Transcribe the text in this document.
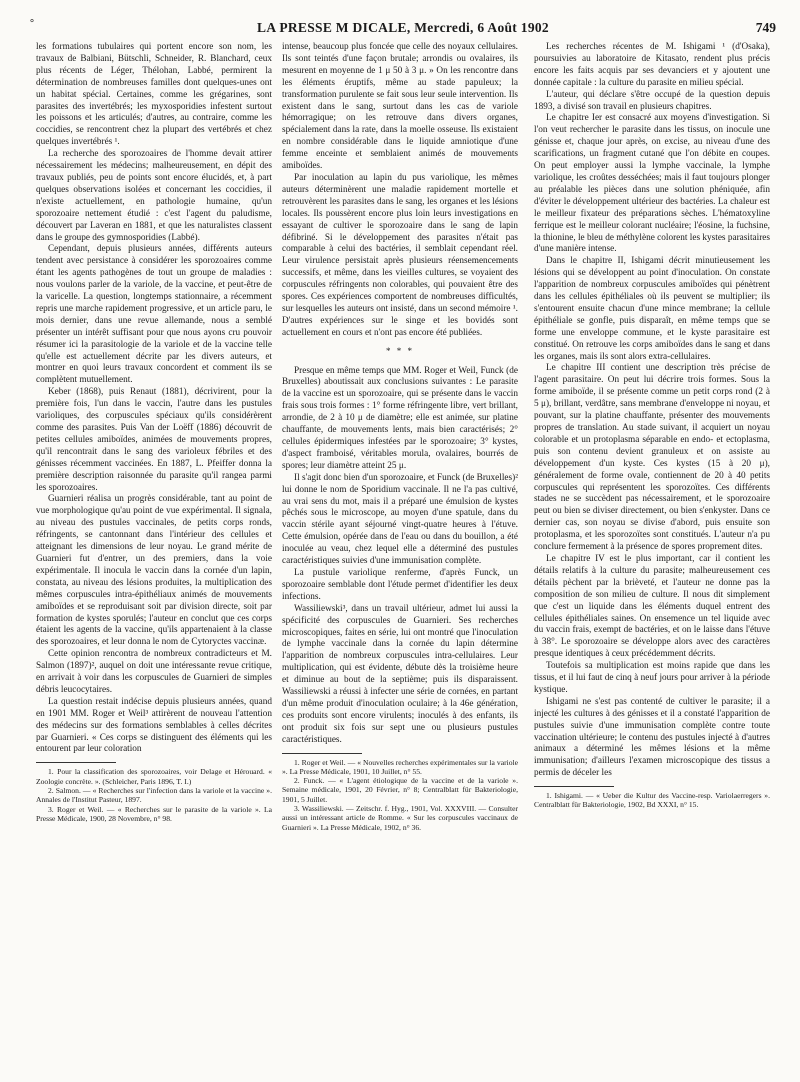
°	LA PRESSE M DICALE, Mercredi, 6 Août 1902	749

les formations tubulaires qui portent encore son nom, les travaux de Balbiani, Bütschli, Schneider, R. Blanchard, ceux plus récents de Léger, Thélohan, Labbé, permirent la détermination de nombreuses familles dont quelques-unes ont un habitat spécial. Certaines, comme les grégarines, sont parasites des invertébrés; les myxosporidies infestent surtout les poissons et les articulés; d'autres, au contraire, comme les coccidies, se rencontrent chez la plupart des vertébrés et chez quelques invertébrés ¹.

La recherche des sporozoaires de l'homme devait attirer nécessairement les médecins; malheureusement, en dépit des travaux publiés, peu de points sont encore élucidés, et, à part quelques observations isolées et concernant les coccidies, il n'existe actuellement, en pathologie humaine, qu'un sporozoaire nettement étudié : c'est l'agent du paludisme, découvert par Laveran en 1881, et que les naturalistes classent dans le groupe des gymnosporidies (Labbé).

Cependant, depuis plusieurs années, différents auteurs tendent avec persistance à considérer les sporozoaires comme étant les agents pathogènes de tout un groupe de maladies : nous voulons parler de la variole, de la vaccine, et peut-être de la varicelle. La question, longtemps stationnaire, a récemment repris une marche rapidement progressive, et un article paru, le mois dernier, dans une revue allemande, nous a semblé présenter un intérêt suffisant pour que nous ayons cru pouvoir résumer ici la parasitologie de la variole et de la vaccine telle qu'elle est actuellement décrite par les divers auteurs, et montrer en quoi leurs travaux concordent et comment ils se complètent mutuellement.

Keber (1868), puis Renaut (1881), décrivirent, pour la première fois, l'un dans le vaccin, l'autre dans les pustules varioliques, des corpuscules spéciaux qu'ils considérèrent comme des parasites. Puis Van der Loëff (1886) découvrit de petites cellules amiboïdes, animées de mouvements propres, qu'il rencontrait dans le sang des varioleux fébriles et des génisses récemment vaccinées. En 1887, L. Pfeiffer donna la première description raisonnée du parasite qu'il rangea parmi les sporozoaires.

Guarnieri réalisa un progrès considérable, tant au point de vue morphologique qu'au point de vue expérimental. Il signala, au niveau des pustules vaccinales, de petits corps ronds, réfringents, se cantonnant dans l'intérieur des cellules et atteignant les dimensions de leur noyau. Le grand mérite de Guarnieri fut d'entrer, un des premiers, dans la voie expérimentale. Il inocula le vaccin dans la cornée d'un lapin, constata, au niveau des lésions produites, la multiplication des mêmes corpuscules intra-épithéliaux animés de mouvements amiboïdes et se reproduisant soit par division directe, soit par formation de kystes sporulés; l'auteur en conclut que ces corps étaient les agents de la vaccine, qu'ils appartenaient à la classe des sporozoaires, et leur donna le nom de Cytoryctes vaccinæ.

Cette opinion rencontra de nombreux contradicteurs et M. Salmon (1897)², auquel on doit une intéressante revue critique, en arrivait à voir dans les corpuscules de Guarnieri de simples débris leucocytaires.

La question restait indécise depuis plusieurs années, quand en 1901 MM. Roger et Weil³ attirèrent de nouveau l'attention des médecins sur des formations semblables à celles décrites par Guarnieri. « Ces corps se distinguent des éléments qui les entourent par leur coloration

1. Pour la classification des sporozoaires, voir Delage et Hérouard. « Zoologie concrète. ». (Schleicher, Paris 1896, T. I.)

2. Salmon. — « Recherches sur l'infection dans la variole et la vaccine ». Annales de l'Institut Pasteur, 1897.

3. Roger et Weil. — « Recherches sur le parasite de la variole ». La Presse Médicale, 1900, 28 Novembre, n° 98.

intense, beaucoup plus foncée que celle des noyaux cellulaires. Ils sont teintés d'une façon brutale; arrondis ou ovalaires, ils mesurent en moyenne de 1 μ 50 à 3 μ. » On les rencontre dans les éléments éruptifs, même au stade papuleux; la transformation purulente se fait sous leur seule intervention. Ils existent dans le sang, surtout dans les cas de variole hémorragique; on les retrouve dans divers organes, spécialement dans la rate, dans la moelle osseuse. Ils existaient en nombre considérable dans le liquide amniotique d'une femme enceinte et semblaient animés de mouvements amiboïdes.

Par inoculation au lapin du pus variolique, les mêmes auteurs déterminèrent une maladie rapidement mortelle et retrouvèrent les parasites dans le sang, les organes et les lésions locales. Ils poussèrent encore plus loin leurs investigations en essayant de cultiver le sporozoaire dans le sang de lapin défibriné. Si le développement des parasites n'était pas comparable à celui des bactéries, il semblait cependant réel. Leur virulence persistait après plusieurs réensemencements successifs, et même, dans les vieilles cultures, se voyaient des corpuscules réfringents non colorables, qui pouvaient être des spores. Ces expériences comportent de nombreuses difficultés, sur lesquelles les auteurs ont insisté, dans un second mémoire ¹. D'autres expériences sur le singe et les bovidés sont actuellement en cours et n'ont pas encore été publiées.

* * *

Presque en même temps que MM. Roger et Weil, Funck (de Bruxelles) aboutissait aux conclusions suivantes : Le parasite de la vaccine est un sporozoaire, qui se présente dans le vaccin frais sous trois formes : 1° forme réfringente libre, vert brillant, arrondie, de 2 à 10 μ de diamètre; elle est animée, sur platine chauffante, de mouvements lents, mais bien caractérisés; 2° cellules épidermiques infestées par le sporozoaire; 3° kystes, d'aspect framboisé, véritables morula, ovalaires, bourrés de spores; leur diamètre atteint 25 μ.

Il s'agit donc bien d'un sporozoaire, et Funck (de Bruxelles)² lui donne le nom de Sporidium vaccinale. Il ne l'a pas cultivé, au vrai sens du mot, mais il a préparé une émulsion de kystes pêchés sous le microscope, au moyen d'une spatule, dans du vaccin stérile ayant séjourné vingt-quatre heures à l'étuve. Cette émulsion, opérée dans de l'eau ou dans du bouillon, a été inoculée au veau, chez lequel elle a déterminé des pustules caractéristiques suivies d'une immunisation complète.

La pustule variolique renferme, d'après Funck, un sporozoaire semblable dont l'étude permet d'identifier les deux infections.

Wassiliewski³, dans un travail ultérieur, admet lui aussi la spécificité des corpuscules de Guarnieri. Ses recherches microscopiques, faites en série, lui ont montré que l'inoculation de lymphe vaccinale dans la cornée du lapin détermine l'apparition de nombreux corpuscules intra-cellulaires. Leur multiplication, qui est évidente, débute dès la troisième heure et diminue au bout de la septième; puis ils disparaissent. Wassiliewski a réussi à infecter une série de cornées, en partant d'un même produit d'inoculation oculaire; à la 46e génération, ces produits sont encore virulents; inoculés à des enfants, ils ont produit six fois sur sept une ou plusieurs pustules caractéristiques.

1. Roger et Weil. — « Nouvelles recherches expérimentales sur la variole ». La Presse Médicale, 1901, 10 Juillet, n° 55.

2. Funck. — « L'agent étiologique de la vaccine et de la variole ». Semaine médicale, 1901, 20 Février, n° 8; Centralblatt für Bakteriologie, 1901, 5 Juillet.

3. Wassiliewski. — Zeitschr. f. Hyg., 1901, Vol. XXXVIII. — Consulter aussi un intéressant article de Romme. « Sur les corpuscules vaccinaux de Guarnieri ». La Presse Médicale, 1902, n° 36.

Les recherches récentes de M. Ishigami ¹ (d'Osaka), poursuivies au laboratoire de Kitasato, rendent plus précis encore les faits acquis par ses devanciers et y ajoutent une donnée capitale : la culture du parasite en milieu spécial.

L'auteur, qui déclare s'être occupé de la question depuis 1893, a divisé son travail en plusieurs chapitres.

Le chapitre Ier est consacré aux moyens d'investigation. Si l'on veut rechercher le parasite dans les tissus, on inocule une génisse et, chaque jour après, on excise, au niveau d'une des scarifications, un fragment cutané que l'on débite en coupes. On peut employer aussi la lymphe vaccinale, la lymphe variolique, les croûtes desséchées; mais il faut toujours plonger au préalable les pièces dans une solution phéniquée, afin d'éviter le développement ultérieur des bactéries. La chaleur est le meilleur fixateur des préparations sèches. L'hématoxyline ferrique est le meilleur colorant nucléaire; l'éosine, la fuchsine, la thionine, le bleu de méthylène colorent les kystes parasitaires d'une manière intense.

Dans le chapitre II, Ishigami décrit minutieusement les lésions qui se développent au point d'inoculation. On constate l'apparition de nombreux corpuscules amiboïdes qui pénètrent dans les cellules épithéliales où ils peuvent se multiplier; ils s'entourent ensuite chacun d'une mince membrane; la cellule épithéliale se gonfle, puis disparaît, en même temps que se forme une enveloppe commune, et le kyste parasitaire est constitué. On retrouve les corps amiboïdes dans le sang et dans les organes, mais ils sont alors extra-cellulaires.

Le chapitre III contient une description très précise de l'agent parasitaire. On peut lui décrire trois formes. Sous la forme amiboïde, il se présente comme un petit corps rond (2 à 5 μ), brillant, verdâtre, sans membrane d'enveloppe ni noyau, et pouvant, sur la platine chauffante, présenter des mouvements propres de translation. Au stade suivant, il acquiert un noyau colorable et un protoplasma séparable en endo- et ectoplasma, puis son contenu devient granuleux et on assiste au développement d'un kyste. Ces kystes (15 à 20 μ), généralement de forme ovale, contiennent de 20 à 40 petits corpuscules qui représentent les sporozoïtes. Ces différents stades ne se succèdent pas nécessairement, et le sporozoaire peut ou bien se diviser directement, ou bien s'enkyster. Dans ce dernier cas, son noyau se divise d'abord, puis ensuite son protoplasma, et les sporozoïtes sont constitués. L'auteur n'a pu conclure fermement à la présence de spores proprement dites.

Le chapitre IV est le plus important, car il contient les détails relatifs à la culture du parasite; malheureusement ces détails pèchent par la brièveté, et l'auteur ne donne pas la composition de son milieu de culture. Il nous dit simplement que c'est un liquide dans les éléments duquel entrent des cellules épithéliales saines. On ensemence un tel liquide avec du vaccin frais, exempt de bactéries, et on le laisse dans l'étuve à 38°. Le sporozoaire se développe alors avec des caractères presque identiques à ceux précédemment décrits.

Toutefois sa multiplication est moins rapide que dans les tissus, et il lui faut de cinq à neuf jours pour arriver à la période kystique.

Ishigami ne s'est pas contenté de cultiver le parasite; il a injecté les cultures à des génisses et il a constaté l'apparition de pustules suivie d'une immunisation complète contre toute vaccination ultérieure; le contenu des pustules injecté à d'autres animaux a déterminé les mêmes lésions et la même immunisation; d'ailleurs l'examen microscopique des tissus a permis de déceler les

1. Ishigami. — « Ueber die Kultur des Vaccine-resp. Variolaerregers ». Centralblatt für Bakteriologie, 1902, Bd XXXI, n° 15.
